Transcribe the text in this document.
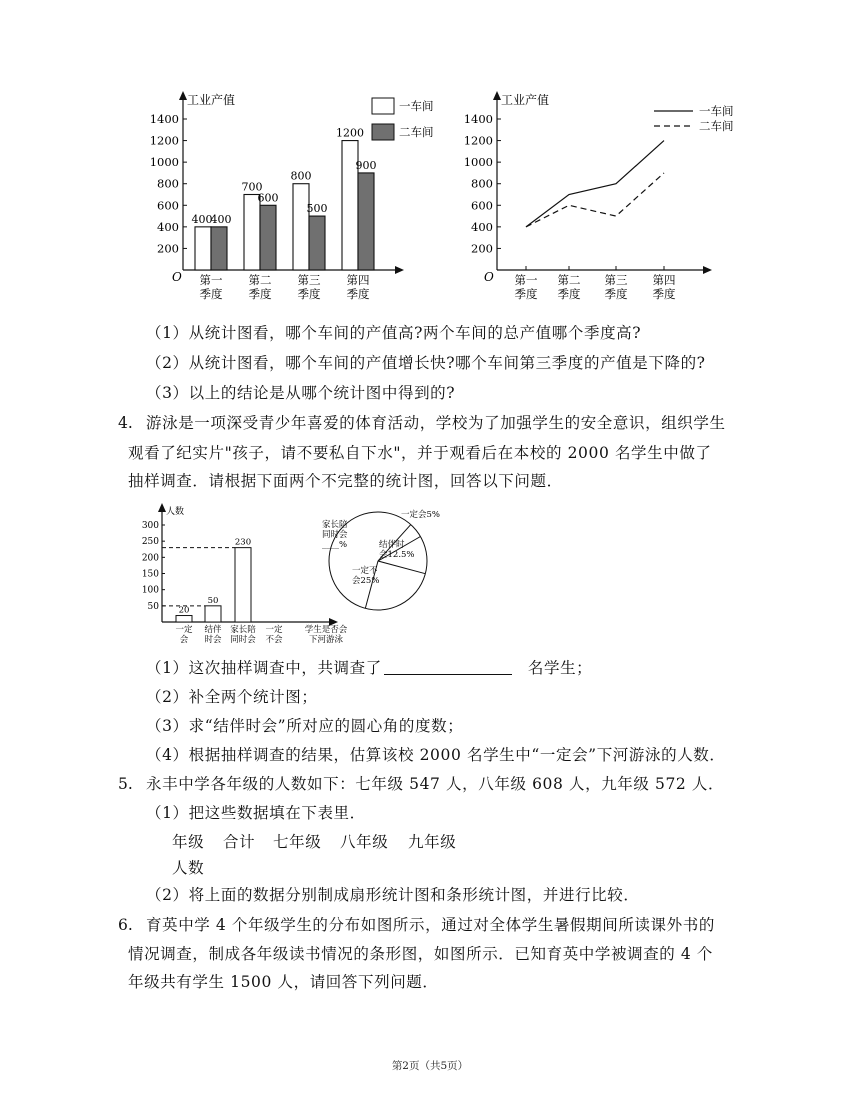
工业产值
O
200
400
600
800
1000
1200
1400
400
400
第一
季度
700
600
第二
季度
800
500
第三
季度
1200
900
第四
季度
一车间
二车间
工业产值
O
200
400
600
800
1000
1200
1400
第一
季度
第二
季度
第三
季度
第四
季度
一车间
二车间
（1）从统计图看，哪个车间的产值高?两个车间的总产值哪个季度高?
（2）从统计图看，哪个车间的产值增长快?哪个车间第三季度的产值是下降的?
（3）以上的结论是从哪个统计图中得到的?
4. 游泳是一项深受青少年喜爱的体育活动，学校为了加强学生的安全意识，组织学生
观看了纪实片"孩子，请不要私自下水"，并于观看后在本校的 2000 名学生中做了
抽样调查．请根据下面两个不完整的统计图，回答以下问题．
人数
50
100
150
200
250
300
20
一定
会
50
结伴
时会
230
家长陪
同时会
一定
不会
学生是否会
下河游泳
一定会5%
结伴时
会12.5%
一定不
会25%
家长陪
同时会
____%
（1）这次抽样调查中，共调查了	名学生；
（2）补全两个统计图；
（3）求“结伴时会”所对应的圆心角的度数；
（4）根据抽样调查的结果，估算该校 2000 名学生中“一定会”下河游泳的人数．
5. 永丰中学各年级的人数如下：七年级 547 人，八年级 608 人，九年级 572 人．
（1）把这些数据填在下表里．
年级 合计 七年级 八年级 九年级
人数
（2）将上面的数据分别制成扇形统计图和条形统计图，并进行比较．
6. 育英中学 4 个年级学生的分布如图所示，通过对全体学生暑假期间所读课外书的
情况调查，制成各年级读书情况的条形图，如图所示．已知育英中学被调查的 4 个
年级共有学生 1500 人，请回答下列问题．
第2页（共5页）
